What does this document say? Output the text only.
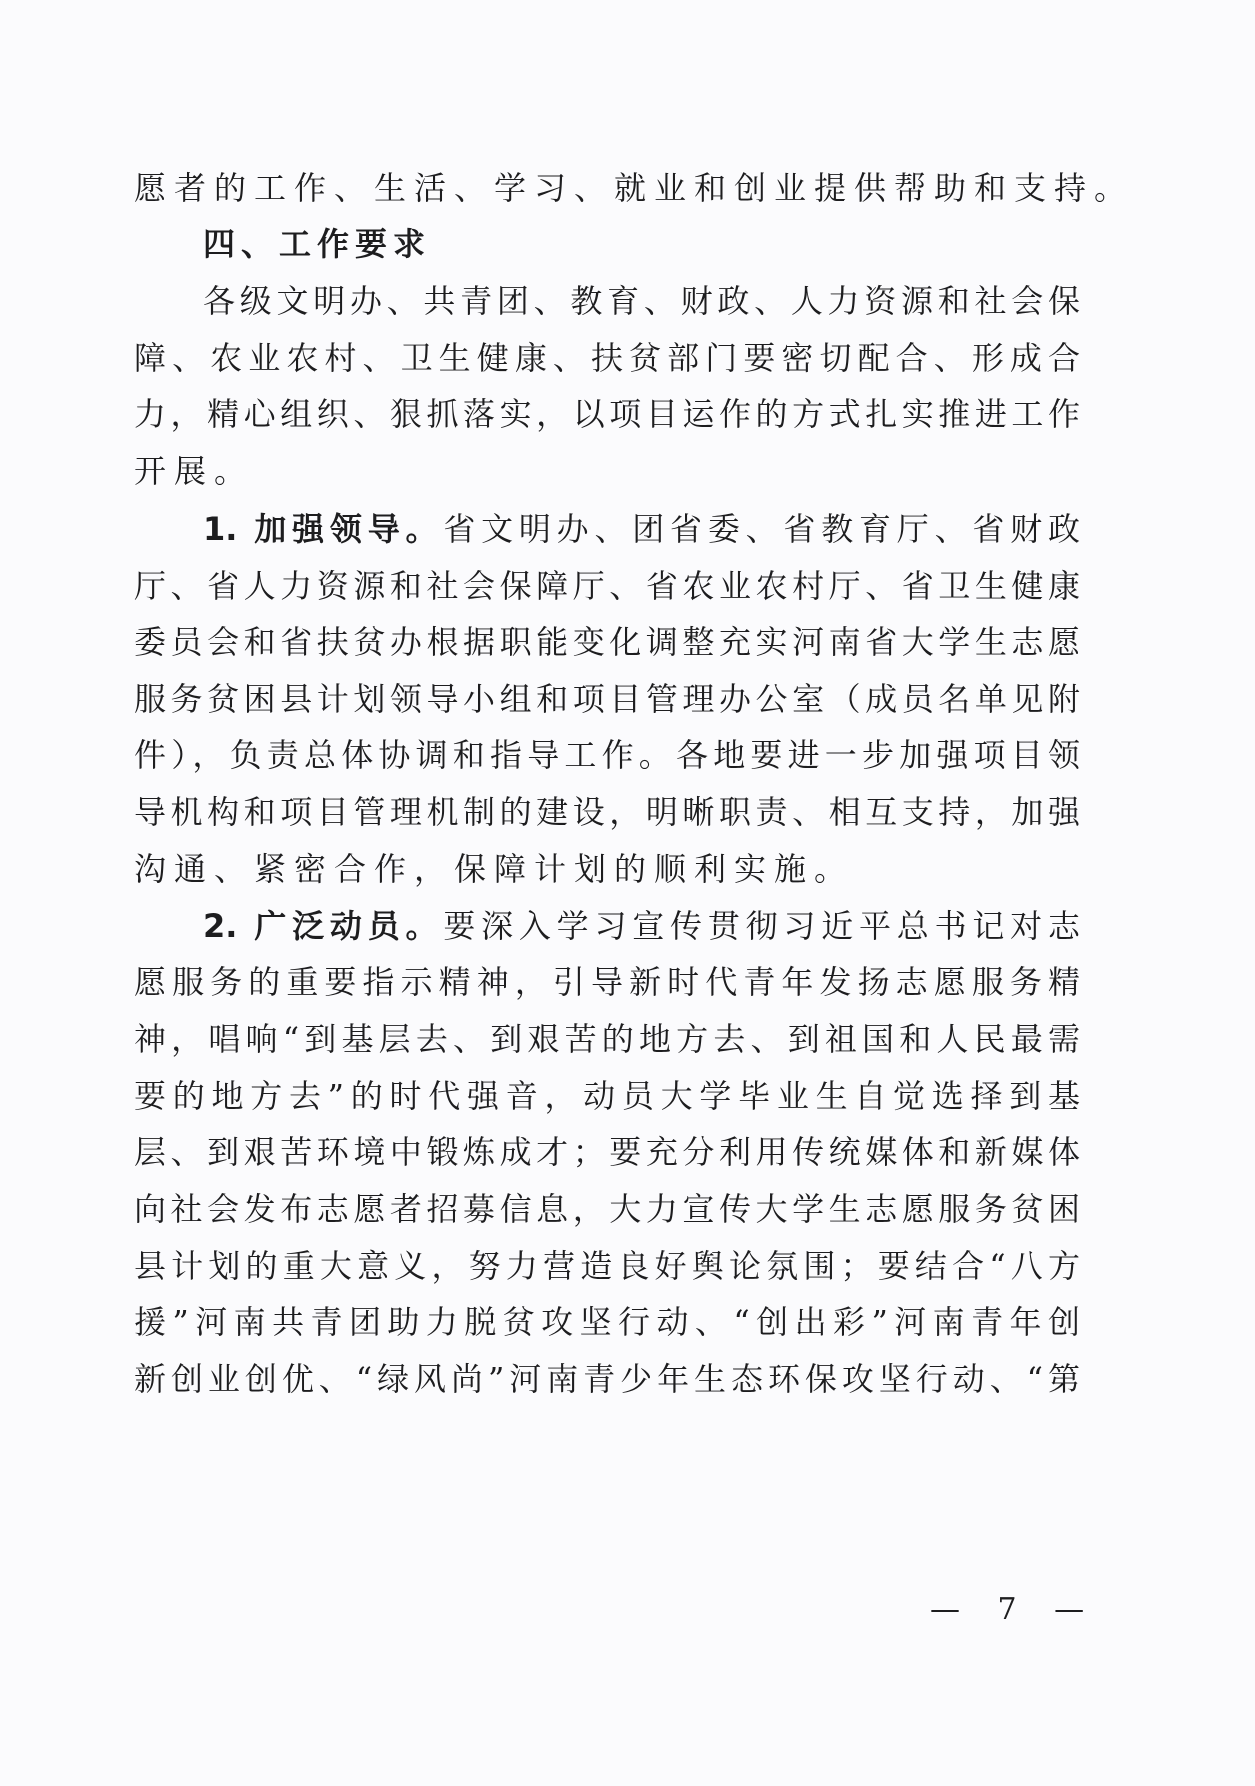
愿者的工作、生活、学习、就业和创业提供帮助和支持。
四、工作要求
各级文明办、共青团、教育、财政、人力资源和社会保
障、农业农村、卫生健康、扶贫部门要密切配合、形成合
力，精心组织、狠抓落实，以项目运作的方式扎实推进工作
开展。
1. 加强领导。省文明办、团省委、省教育厅、省财政
厅、省人力资源和社会保障厅、省农业农村厅、省卫生健康
委员会和省扶贫办根据职能变化调整充实河南省大学生志愿
服务贫困县计划领导小组和项目管理办公室（成员名单见附
件），负责总体协调和指导工作。各地要进一步加强项目领
导机构和项目管理机制的建设，明晰职责、相互支持，加强
沟通、紧密合作，保障计划的顺利实施。
2. 广泛动员。要深入学习宣传贯彻习近平总书记对志
愿服务的重要指示精神，引导新时代青年发扬志愿服务精
神，唱响“到基层去、到艰苦的地方去、到祖国和人民最需
要的地方去”的时代强音，动员大学毕业生自觉选择到基
层、到艰苦环境中锻炼成才；要充分利用传统媒体和新媒体
向社会发布志愿者招募信息，大力宣传大学生志愿服务贫困
县计划的重大意义，努力营造良好舆论氛围；要结合“八方
援”河南共青团助力脱贫攻坚行动、“创出彩”河南青年创
新创业创优、“绿风尚”河南青少年生态环保攻坚行动、“第
— 7 —
